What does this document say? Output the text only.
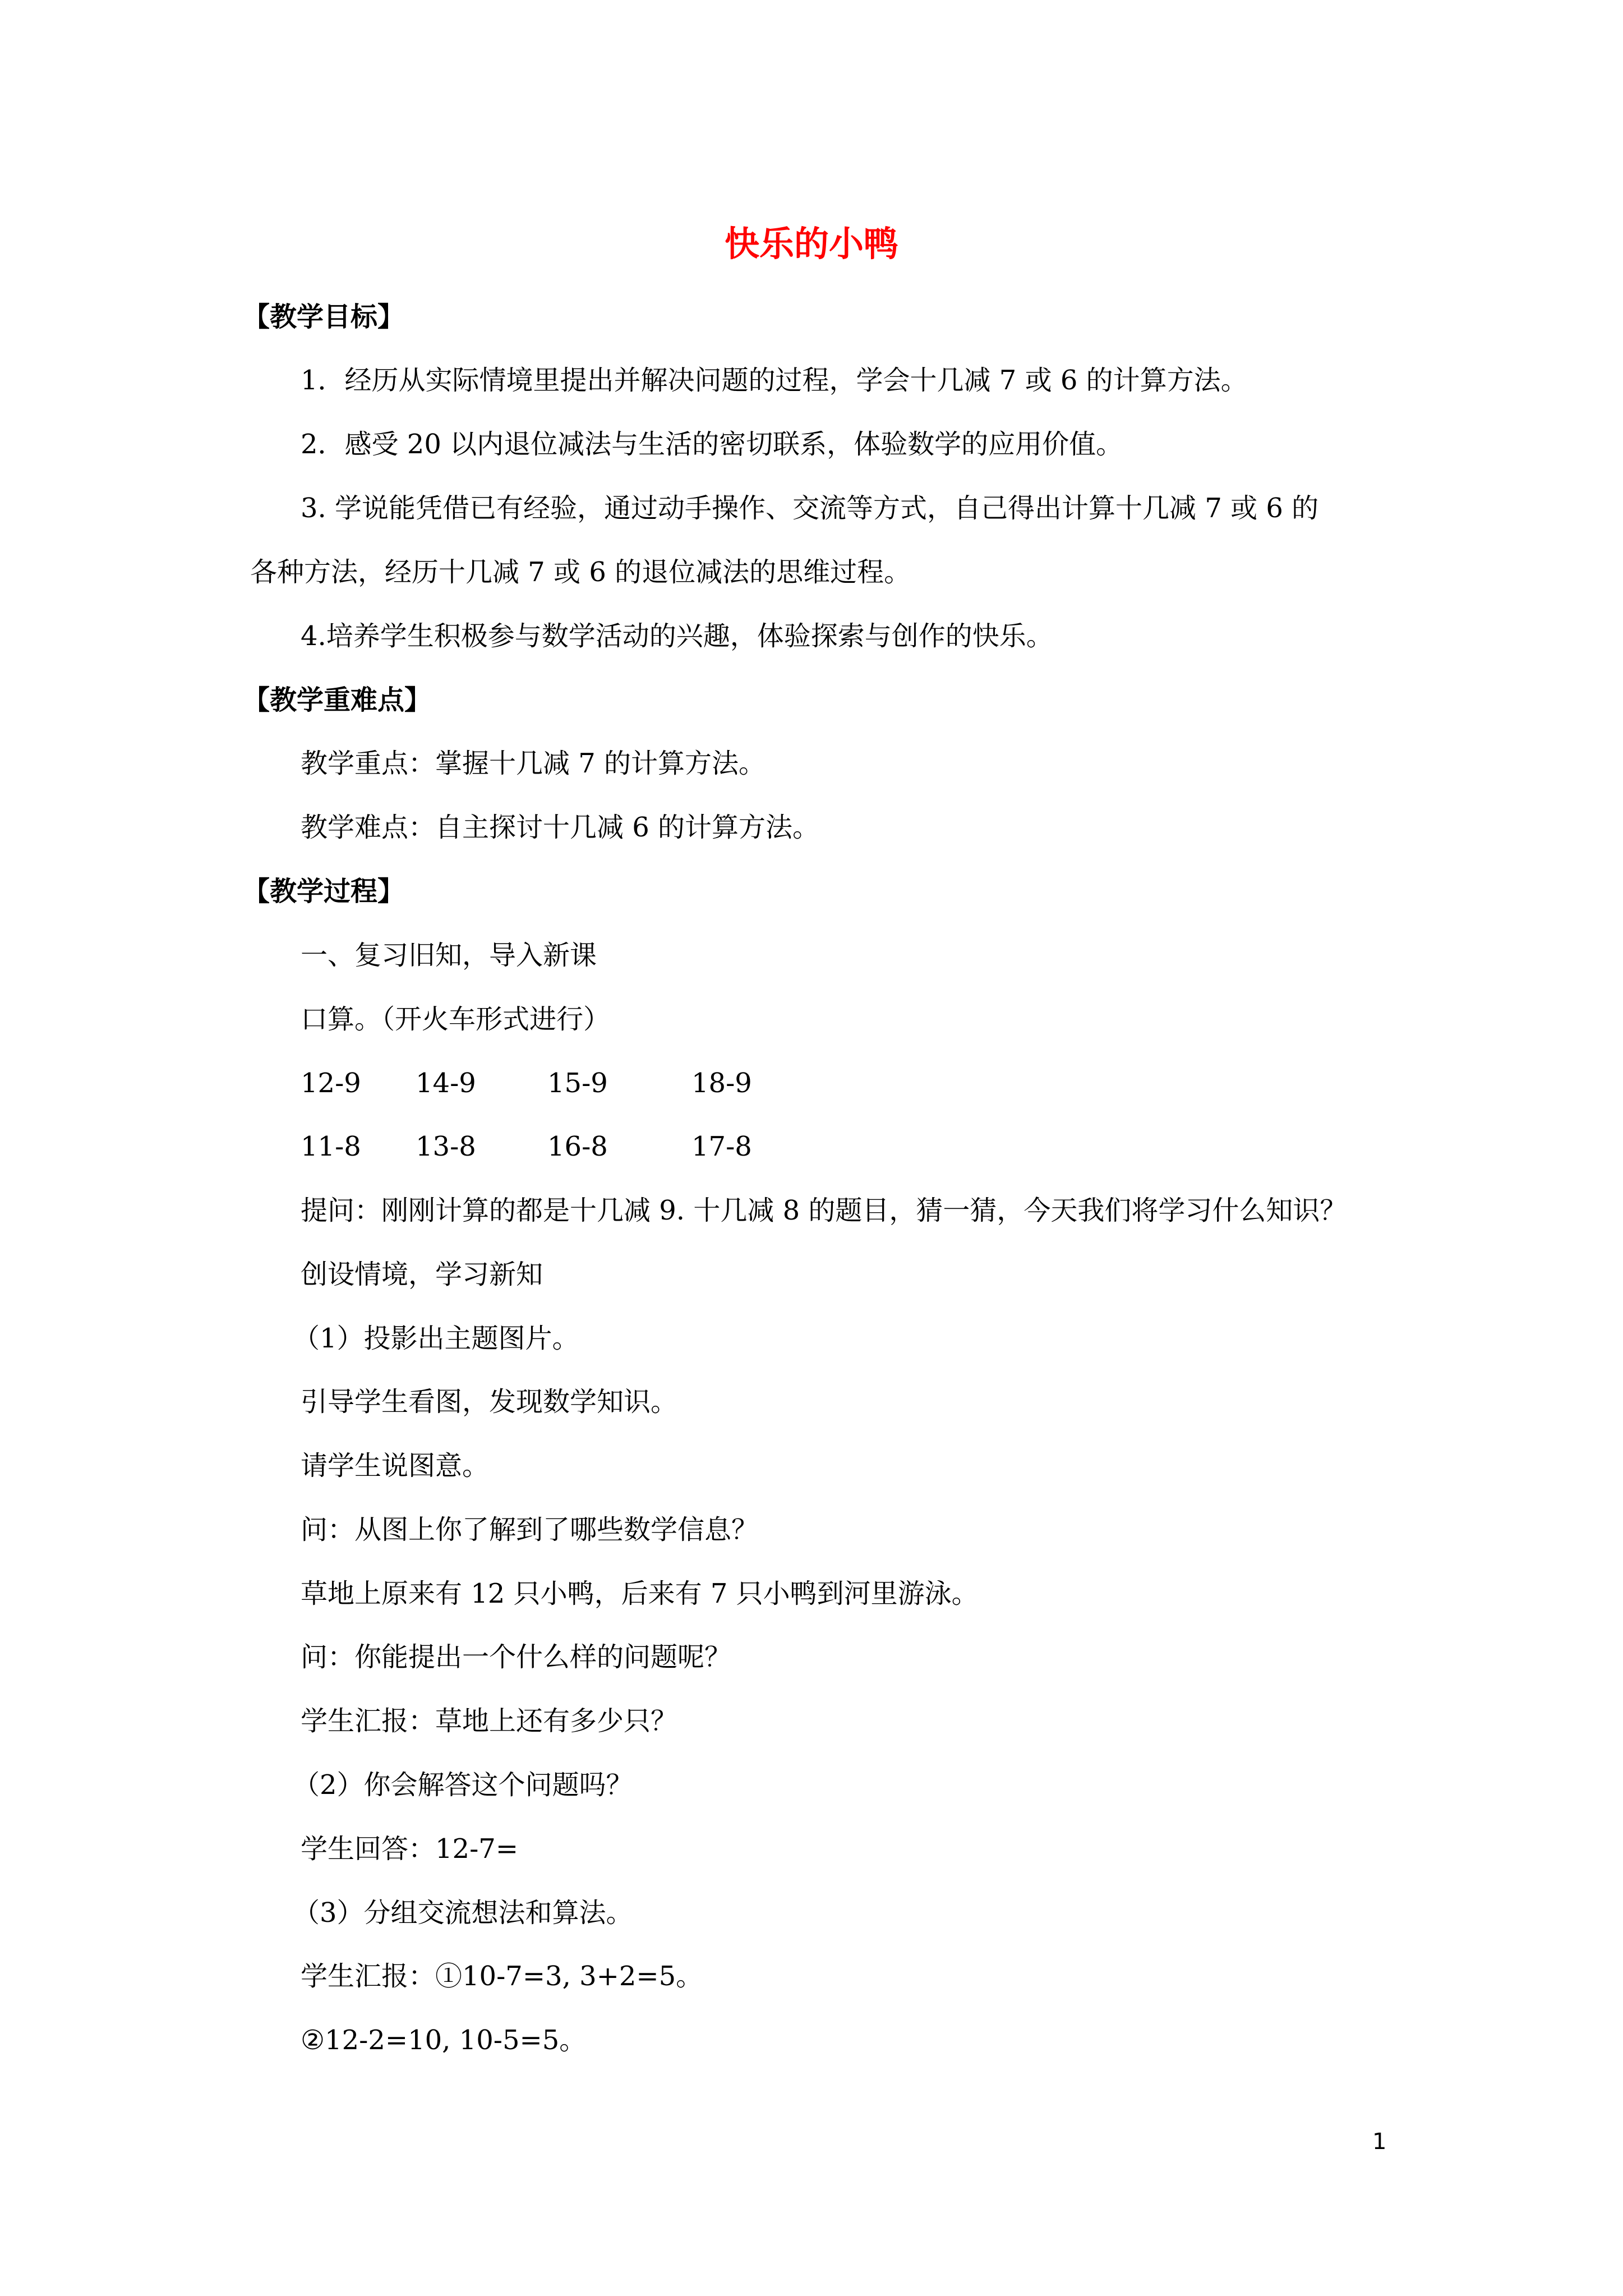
快乐的小鸭
【教学目标】
1．经历从实际情境里提出并解决问题的过程，学会十几减 7 或 6 的计算方法。
2．感受 20 以内退位减法与生活的密切联系，体验数学的应用价值。
3. 学说能凭借已有经验，通过动手操作、交流等方式，自己得出计算十几减 7 或 6 的
各种方法，经历十几减 7 或 6 的退位减法的思维过程。
4.培养学生积极参与数学活动的兴趣，体验探索与创作的快乐。
【教学重难点】
教学重点：掌握十几减 7 的计算方法。
教学难点：自主探讨十几减 6 的计算方法。
【教学过程】
一、复习旧知，导入新课
口算。（开火车形式进行）
12-9 14-9	15-9	18-9
11-8 13-8	16-8	17-8
提问：刚刚计算的都是十几减 9. 十几减 8 的题目，猜一猜，今天我们将学习什么知识？
创设情境，学习新知
（1）投影出主题图片。
引导学生看图，发现数学知识。
请学生说图意。
问：从图上你了解到了哪些数学信息？
草地上原来有 12 只小鸭，后来有 7 只小鸭到河里游泳。
问：你能提出一个什么样的问题呢？
学生汇报：草地上还有多少只？
（2）你会解答这个问题吗？
学生回答：12-7=
（3）分组交流想法和算法。
学生汇报：①10-7=3, 3+2=5。
②12-2=10, 10-5=5。
1
